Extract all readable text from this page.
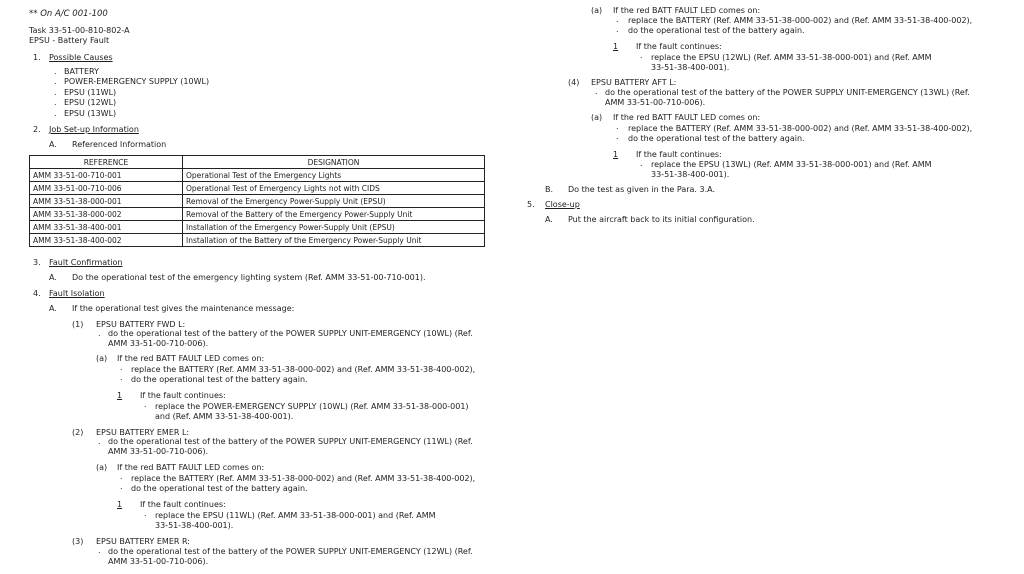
** On A/C 001-100
Task 33-51-00-810-802-A
EPSU - Battery Fault
1. Possible Causes
. BATTERY
. POWER-EMERGENCY SUPPLY (10WL)
. EPSU (11WL)
. EPSU (12WL)
. EPSU (13WL)
2. Job Set-up Information
A. Referenced Information
REFERENCE	DESIGNATION
AMM 33-51-00-710-001	Operational Test of the Emergency Lights
AMM 33-51-00-710-006	Operational Test of Emergency Lights not with CIDS
AMM 33-51-38-000-001	Removal of the Emergency Power-Supply Unit (EPSU)
AMM 33-51-38-000-002	Removal of the Battery of the Emergency Power-Supply Unit
AMM 33-51-38-400-001	Installation of the Emergency Power-Supply Unit (EPSU)
AMM 33-51-38-400-002	Installation of the Battery of the Emergency Power-Supply Unit
3. Fault Confirmation
A. Do the operational test of the emergency lighting system (Ref. AMM 33-51-00-710-001).
4. Fault Isolation
A. If the operational test gives the maintenance message:
(1) EPSU BATTERY FWD L:
. do the operational test of the battery of the POWER SUPPLY UNIT-EMERGENCY (10WL) (Ref.
AMM 33-51-00-710-006).
(a) If the red BATT FAULT LED comes on:
. replace the BATTERY (Ref. AMM 33-51-38-000-002) and (Ref. AMM 33-51-38-400-002),
. do the operational test of the battery again.
1 If the fault continues:
. replace the POWER-EMERGENCY SUPPLY (10WL) (Ref. AMM 33-51-38-000-001)
and (Ref. AMM 33-51-38-400-001).
(2) EPSU BATTERY EMER L:
. do the operational test of the battery of the POWER SUPPLY UNIT-EMERGENCY (11WL) (Ref.
AMM 33-51-00-710-006).
(a) If the red BATT FAULT LED comes on:
. replace the BATTERY (Ref. AMM 33-51-38-000-002) and (Ref. AMM 33-51-38-400-002),
. do the operational test of the battery again.
1 If the fault continues:
. replace the EPSU (11WL) (Ref. AMM 33-51-38-000-001) and (Ref. AMM
33-51-38-400-001).
(3) EPSU BATTERY EMER R:
. do the operational test of the battery of the POWER SUPPLY UNIT-EMERGENCY (12WL) (Ref.
AMM 33-51-00-710-006).
(a) If the red BATT FAULT LED comes on:
. replace the BATTERY (Ref. AMM 33-51-38-000-002) and (Ref. AMM 33-51-38-400-002),
. do the operational test of the battery again.
1 If the fault continues:
. replace the EPSU (12WL) (Ref. AMM 33-51-38-000-001) and (Ref. AMM
33-51-38-400-001).
(4) EPSU BATTERY AFT L:
. do the operational test of the battery of the POWER SUPPLY UNIT-EMERGENCY (13WL) (Ref.
AMM 33-51-00-710-006).
(a) If the red BATT FAULT LED comes on:
. replace the BATTERY (Ref. AMM 33-51-38-000-002) and (Ref. AMM 33-51-38-400-002),
. do the operational test of the battery again.
1 If the fault continues:
. replace the EPSU (13WL) (Ref. AMM 33-51-38-000-001) and (Ref. AMM
33-51-38-400-001).
B. Do the test as given in the Para. 3.A.
5. Close-up
A. Put the aircraft back to its initial configuration.
